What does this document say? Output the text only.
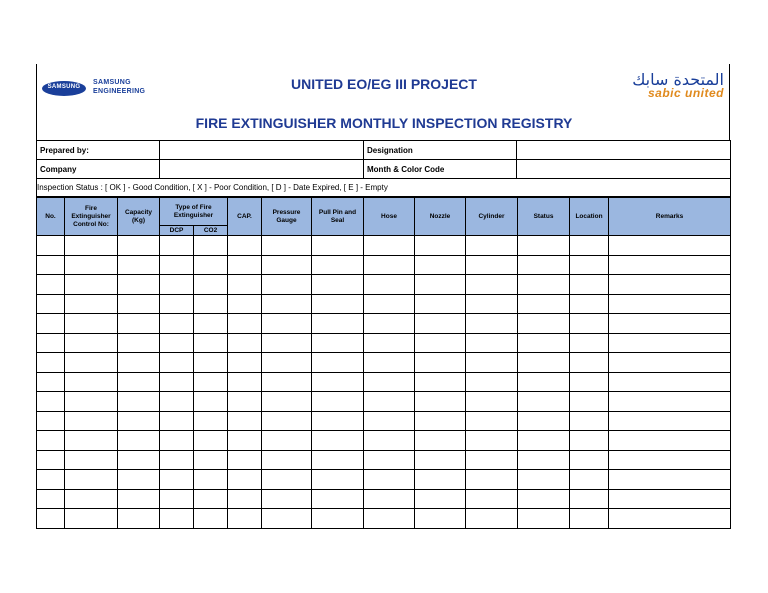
SAMSUNG
SAMSUNG
ENGINEERING
المتحدة سابك
sabic united
UNITED EO/EG III PROJECT
FIRE EXTINGUISHER MONTHLY INSPECTION REGISTRY
Prepared by:		Designation	
Company		Month & Color Code	
Inspection Status : [ OK ] - Good Condition, [ X ] - Poor Condition, [ D ] - Date Expired, [ E ] - Empty			
No.	Fire Extinguisher Control No:	Capacity (Kg)	Type of Fire Extinguisher		CAP.	Pressure Gauge	Pull Pin and Seal	Hose	Nozzle	Cylinder	Status	Location	Remarks
			DCP	CO2									
